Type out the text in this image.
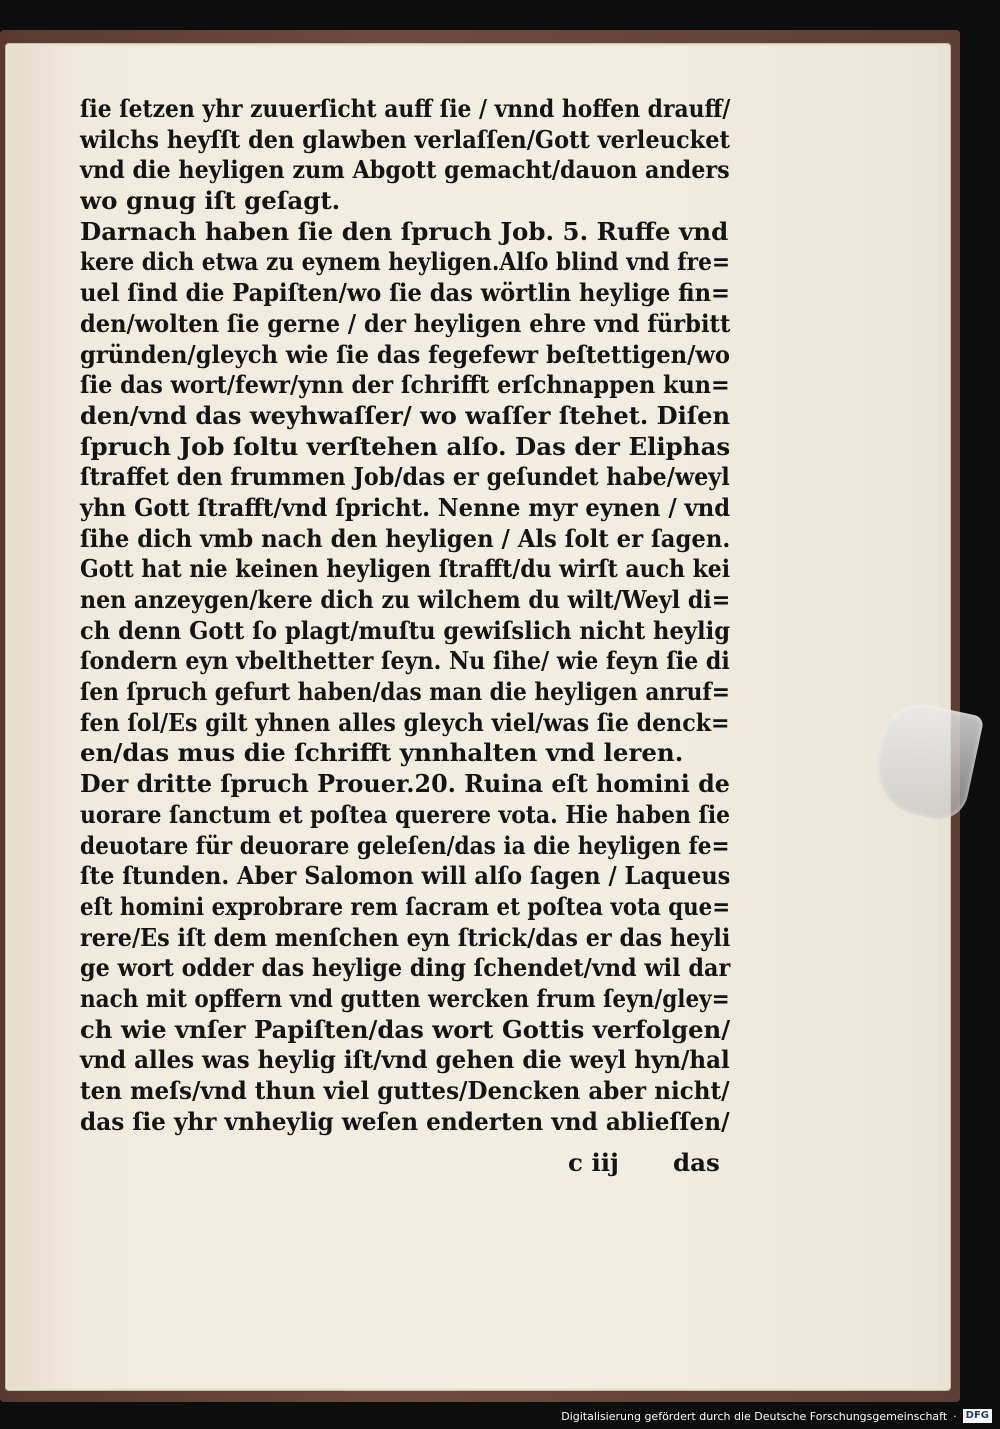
ſie ſetzen yhr zuuerſicht auff ſie / vnnd hoffen drauff/
wilchs heyſſt den glawben verlaſſen/Gott verleucket
vnd die heyligen zum Abgott gemacht/dauon anders
wo gnug iſt geſagt.
Darnach haben ſie den ſpruch Job. 5. Ruffe vnd
kere dich etwa zu eynem heyligen.Alſo blind vnd fre=
uel ſind die Papiſten/wo ſie das wörtlin heylige fin=
den/wolten ſie gerne / der heyligen ehre vnd fürbitt
gründen/gleych wie ſie das fegefewr beſtettigen/wo
ſie das wort/fewr/ynn der ſchrifft erſchnappen kun=
den/vnd das weyhwaſſer/ wo waſſer ſtehet. Diſen
ſpruch Job ſoltu verſtehen alſo. Das der Eliphas
ſtraffet den frummen Job/das er geſundet habe/weyl
yhn Gott ſtrafft/vnd ſpricht. Nenne myr eynen / vnd
ſihe dich vmb nach den heyligen / Als ſolt er ſagen.
Gott hat nie keinen heyligen ſtrafft/du wirſt auch kei
nen anzeygen/kere dich zu wilchem du wilt/Weyl di=
ch denn Gott ſo plagt/muſtu gewiſslich nicht heylig
ſondern eyn vbelthetter ſeyn. Nu ſihe/ wie feyn ſie di
ſen ſpruch gefurt haben/das man die heyligen anruf=
fen ſol/Es gilt yhnen alles gleych viel/was ſie denck=
en/das mus die ſchrifft ynnhalten vnd leren.
Der dritte ſpruch Prouer.20. Ruina eſt homini de
uorare ſanctum et poſtea querere vota. Hie haben ſie
deuotare für deuorare geleſen/das ia die heyligen fe=
ſte ſtunden. Aber Salomon will alſo ſagen / Laqueus
eſt homini exprobrare rem ſacram et poſtea vota que=
rere/Es iſt dem menſchen eyn ſtrick/das er das heyli
ge wort odder das heylige ding ſchendet/vnd wil dar
nach mit opffern vnd gutten wercken frum ſeyn/gley=
ch wie vnſer Papiſten/das wort Gottis verfolgen/
vnd alles was heylig iſt/vnd gehen die weyl hyn/hal
ten meſs/vnd thun viel guttes/Dencken aber nicht/
das ſie yhr vnheylig weſen enderten vnd ablieſſen/
c iij das
Digitalisierung gefördert durch die Deutsche Forschungsgemeinschaft · DFG
